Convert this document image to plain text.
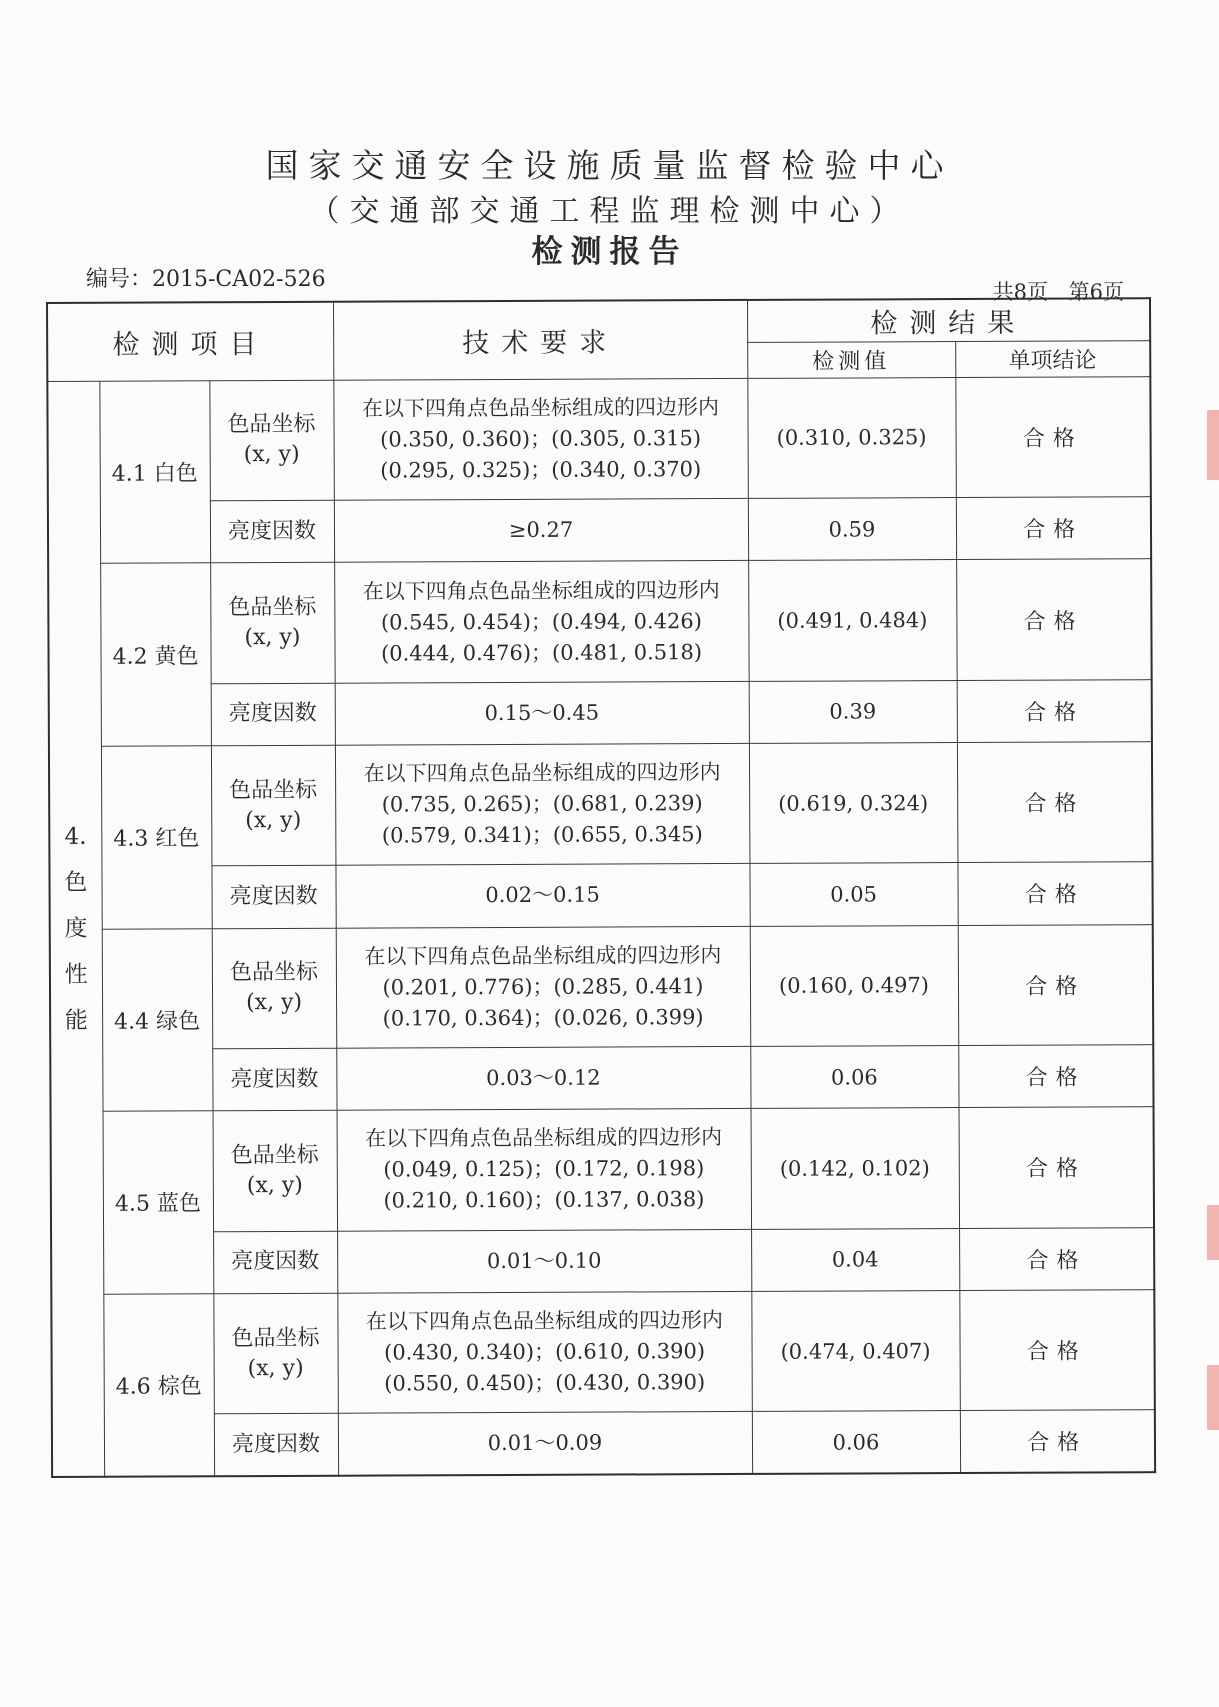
国家交通安全设施质量监督检验中心
（交通部交通工程监理检测中心）
检测报告
编号：2015-CA02-526	共8页 第6页
检测项目			技术要求	检测结果	
				检测值	单项结论
4.
色
度
性
能	4.1 白色	色品坐标
(x, y)	在以下四角点色品坐标组成的四边形内
(0.350, 0.360)；(0.305, 0.315)
(0.295, 0.325)；(0.340, 0.370)	(0.310, 0.325)	合格
		亮度因数	≥0.27	0.59	合格
	4.2 黄色	色品坐标
(x, y)	在以下四角点色品坐标组成的四边形内
(0.545, 0.454)；(0.494, 0.426)
(0.444, 0.476)；(0.481, 0.518)	(0.491, 0.484)	合格
		亮度因数	0.15～0.45	0.39	合格
	4.3 红色	色品坐标
(x, y)	在以下四角点色品坐标组成的四边形内
(0.735, 0.265)；(0.681, 0.239)
(0.579, 0.341)；(0.655, 0.345)	(0.619, 0.324)	合格
		亮度因数	0.02～0.15	0.05	合格
	4.4 绿色	色品坐标
(x, y)	在以下四角点色品坐标组成的四边形内
(0.201, 0.776)；(0.285, 0.441)
(0.170, 0.364)；(0.026, 0.399)	(0.160, 0.497)	合格
		亮度因数	0.03～0.12	0.06	合格
	4.5 蓝色	色品坐标
(x, y)	在以下四角点色品坐标组成的四边形内
(0.049, 0.125)；(0.172, 0.198)
(0.210, 0.160)；(0.137, 0.038)	(0.142, 0.102)	合格
		亮度因数	0.01～0.10	0.04	合格
	4.6 棕色	色品坐标
(x, y)	在以下四角点色品坐标组成的四边形内
(0.430, 0.340)；(0.610, 0.390)
(0.550, 0.450)；(0.430, 0.390)	(0.474, 0.407)	合格
		亮度因数	0.01～0.09	0.06	合格
